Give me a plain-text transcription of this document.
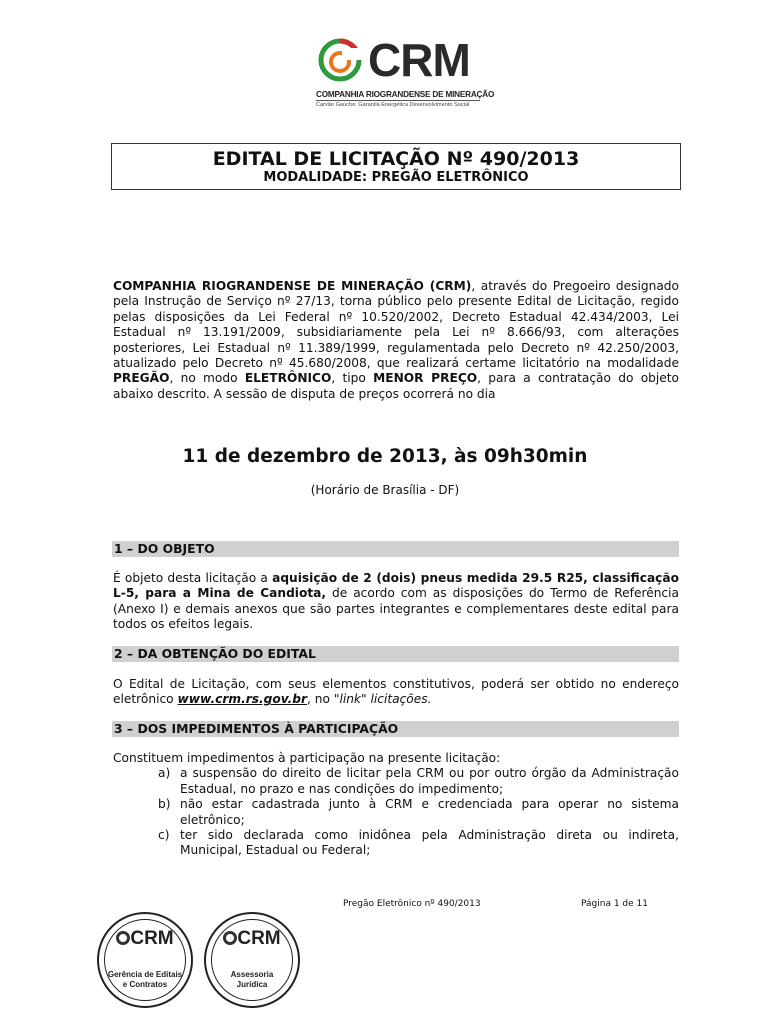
CRM
COMPANHIA RIOGRANDENSE DE MINERAÇÃO
Carvão Gaúcho: Garantia Energética Desenvolvimento Social
EDITAL DE LICITAÇÃO Nº 490/2013
MODALIDADE: PREGÃO ELETRÔNICO
COMPANHIA RIOGRANDENSE DE MINERAÇÃO (CRM), através do Pregoeiro designado pela Instrução de Serviço nº 27/13, torna público pelo presente Edital de Licitação, regido pelas disposições da Lei Federal nº 10.520/2002, Decreto Estadual 42.434/2003, Lei Estadual nº 13.191/2009, subsidiariamente pela Lei nº 8.666/93, com alterações posteriores, Lei Estadual nº 11.389/1999, regulamentada pelo Decreto nº 42.250/2003, atualizado pelo Decreto nº 45.680/2008, que realizará certame licitatório na modalidade PREGÃO, no modo ELETRÔNICO, tipo MENOR PREÇO, para a contratação do objeto abaixo descrito. A sessão de disputa de preços ocorrerá no dia
11 de dezembro de 2013, às 09h30min
(Horário de Brasília - DF)
1 – DO OBJETO
É objeto desta licitação a aquisição de 2 (dois) pneus medida 29.5 R25, classificação L-5, para a Mina de Candiota, de acordo com as disposições do Termo de Referência (Anexo I) e demais anexos que são partes integrantes e complementares deste edital para todos os efeitos legais.
2 – DA OBTENÇÃO DO EDITAL
O Edital de Licitação, com seus elementos constitutivos, poderá ser obtido no endereço eletrônico www.crm.rs.gov.br, no "link" licitações.
3 – DOS IMPEDIMENTOS À PARTICIPAÇÃO
Constituem impedimentos à participação na presente licitação:
a) a suspensão do direito de licitar pela CRM ou por outro órgão da Administração Estadual, no prazo e nas condições do impedimento;
b) não estar cadastrada junto à CRM e credenciada para operar no sistema eletrônico;
c) ter sido declarada como inidônea pela Administração direta ou indireta, Municipal, Estadual ou Federal;
Pregão Eletrônico nº 490/2013	Página 1 de 11
CRM
Gerência de Editais
e Contratos
CRM
Assessoria
Jurídica
